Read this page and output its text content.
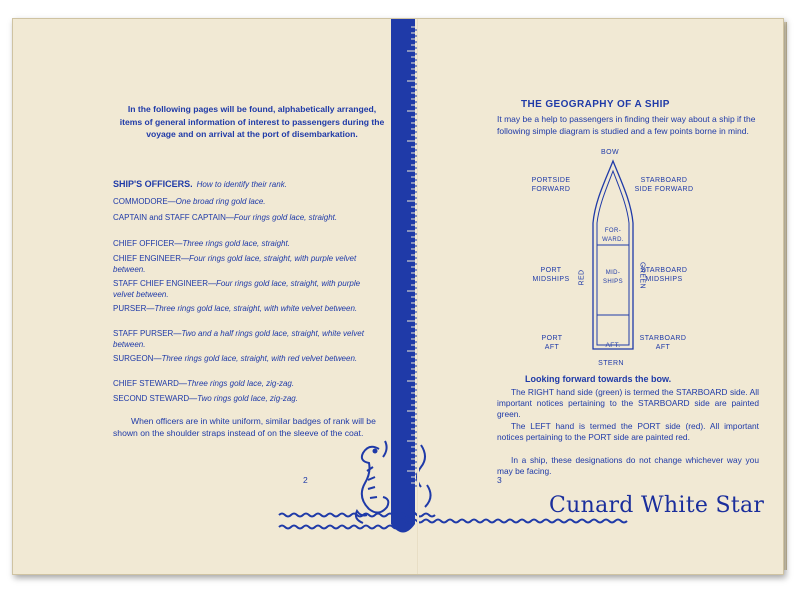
In the following pages will be found, alphabetically arranged, items of general information of interest to passengers during the voyage and on arrival at the port of disembarkation.
SHIP'S OFFICERS. How to identify their rank.
COMMODORE—One broad ring gold lace.
CAPTAIN and STAFF CAPTAIN—Four rings gold lace, straight.
CHIEF OFFICER—Three rings gold lace, straight.
CHIEF ENGINEER—Four rings gold lace, straight, with purple velvet between.
STAFF CHIEF ENGINEER—Four rings gold lace, straight, with purple velvet between.
PURSER—Three rings gold lace, straight, with white velvet between.
STAFF PURSER—Two and a half rings gold lace, straight, white velvet between.
SURGEON—Three rings gold lace, straight, with red velvet between.
CHIEF STEWARD—Three rings gold lace, zig-zag.
SECOND STEWARD—Two rings gold lace, zig-zag.
When officers are in white uniform, similar badges of rank will be shown on the shoulder straps instead of on the sleeve of the coat.
2
THE GEOGRAPHY OF A SHIP
It may be a help to passengers in finding their way about a ship if the following simple diagram is studied and a few points borne in mind.
BOW
PORTSIDE
FORWARD
STARBOARD
SIDE FORWARD
PORT
MIDSHIPS
STARBOARD
MIDSHIPS
PORT
AFT
STARBOARD
AFT
FOR-
WARD.
MID-
SHIPS
AFT.
RED	GREEN
STERN
Looking forward towards the bow.
The RIGHT hand side (green) is termed the STARBOARD side. All important notices pertaining to the STARBOARD side are painted green.
The LEFT hand is termed the PORT side (red). All important notices pertaining to the PORT side are painted red.
In a ship, these designations do not change whichever way you may be facing.
3
Cunard White Star
